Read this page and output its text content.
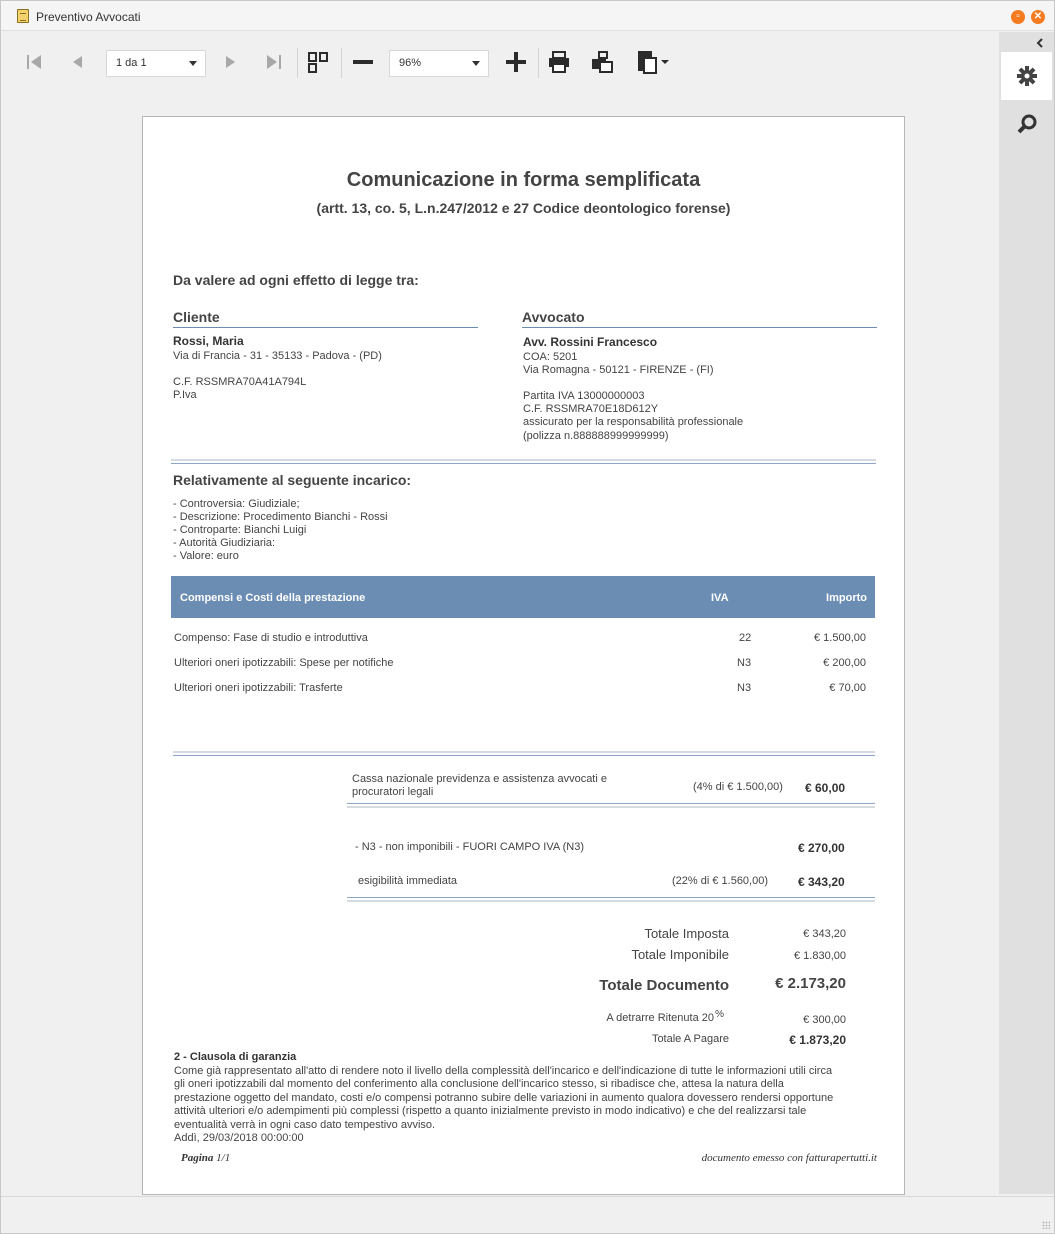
Preventivo Avvocati	▫	✕
1 da 1	96%
Comunicazione in forma semplificata
(artt. 13, co. 5, L.n.247/2012 e 27 Codice deontologico forense)
Da valere ad ogni effetto di legge tra:
Cliente	Avvocato
Rossi, Maria
Via di Francia - 31 - 35133 - Padova - (PD)
C.F. RSSMRA70A41A794L
P.Iva
Avv. Rossini Francesco
COA: 5201
Via Romagna - 50121 - FIRENZE - (FI)
Partita IVA 13000000003
C.F. RSSMRA70E18D612Y
assicurato per la responsabilità professionale
(polizza n.888888999999999)
Relativamente al seguente incarico:
- Controversia: Giudiziale;
- Descrizione: Procedimento Bianchi - Rossi
- Controparte: Bianchi Luigi
- Autorità Giudiziaria:
- Valore: euro
Compensi e Costi della prestazione	IVA	Importo
Compenso: Fase di studio e introduttiva	22	€ 1.500,00
Ulteriori oneri ipotizzabili: Spese per notifiche	N3	€ 200,00
Ulteriori oneri ipotizzabili: Trasferte	N3	€ 70,00
Cassa nazionale previdenza e assistenza avvocati e procuratori legali	(4% di € 1.500,00) € 60,00
- N3 - non imponibili - FUORI CAMPO IVA (N3)	€ 270,00
esigibilità immediata	(22% di € 1.560,00) € 343,20
Totale Imposta	€ 343,20
Totale Imponibile	€ 1.830,00
Totale Documento	€ 2.173,20
A detrarre Ritenuta 20 %	€ 300,00
Totale A Pagare	€ 1.873,20
2 - Clausola di garanzia
Come già rappresentato all'atto di rendere noto il livello della complessità dell'incarico e dell'indicazione di tutte le informazioni utili circa
gli oneri ipotizzabili dal momento del conferimento alla conclusione dell'incarico stesso, si ribadisce che, attesa la natura della
prestazione oggetto del mandato, costi e/o compensi potranno subire delle variazioni in aumento qualora dovessero rendersi opportune
attività ulteriori e/o adempimenti più complessi (rispetto a quanto inizialmente previsto in modo indicativo) e che del realizzarsi tale
eventualità verrà in ogni caso dato tempestivo avviso.
Addì, 29/03/2018 00:00:00
Pagina 1/1	documento emesso con fatturapertutti.it
